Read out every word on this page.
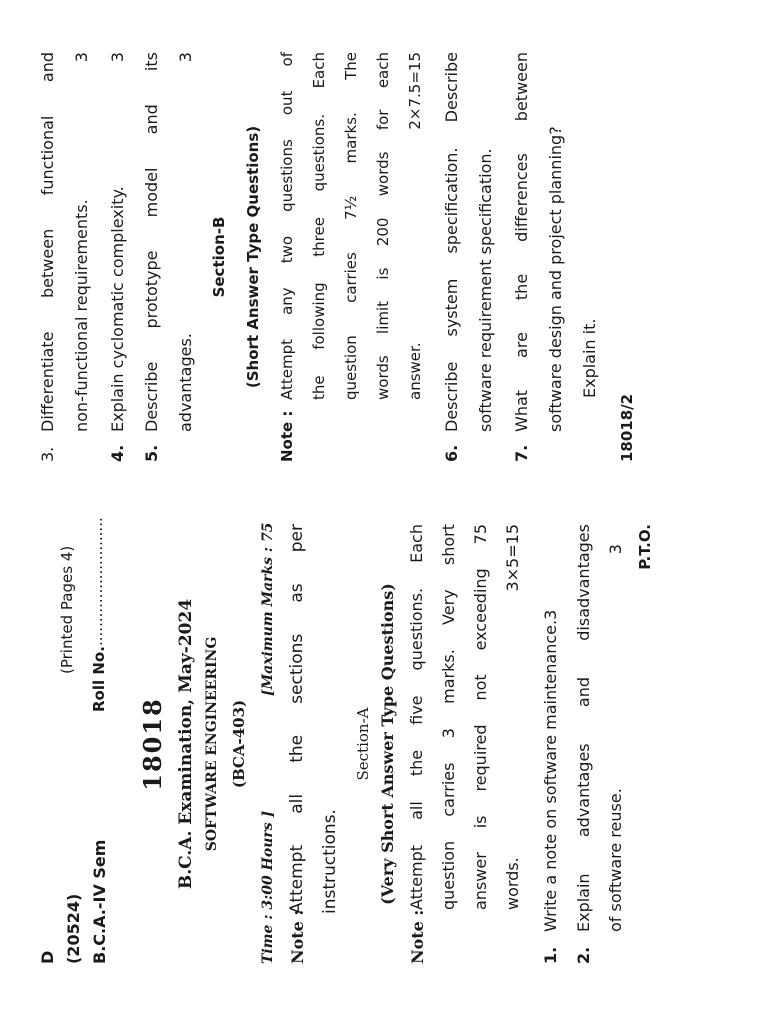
D (20524)
(Printed Pages 4)
B.C.A.-IV Sem
Roll No.
...........................
18018 B.C.A. Examination, May-2024 SOFTWARE ENGINEERING (BCA-403)
Time : 3:00 Hours ]
[Maximum Marks : 75
Note :
Attempt all the sections as per instructions.
Section-A (Very Short Answer Type Questions)
Note :
Attempt all the five questions. Each question carries 3 marks. Very short answer is required not exceeding 75 words.
3×5=15
1.
Write a note on software maintenance.3
2.
Explain advantages and disadvantages of software reuse.
3 P.T.O.
3.
Differentiate between functional and non-functional requirements.
3
4.
Explain cyclomatic complexity.
3
5.
Describe prototype model and its advantages.
3
Section-B (Short Answer Type Questions)
Note :
Attempt any two questions out of the following three questions. Each question carries 7½ marks. The words limit is 200 words for each answer.
2×7.5=15
6.
Describe system specification. Describe software requirement specification.
7.
What are the differences between software design and project planning? Explain it.
18018/2
